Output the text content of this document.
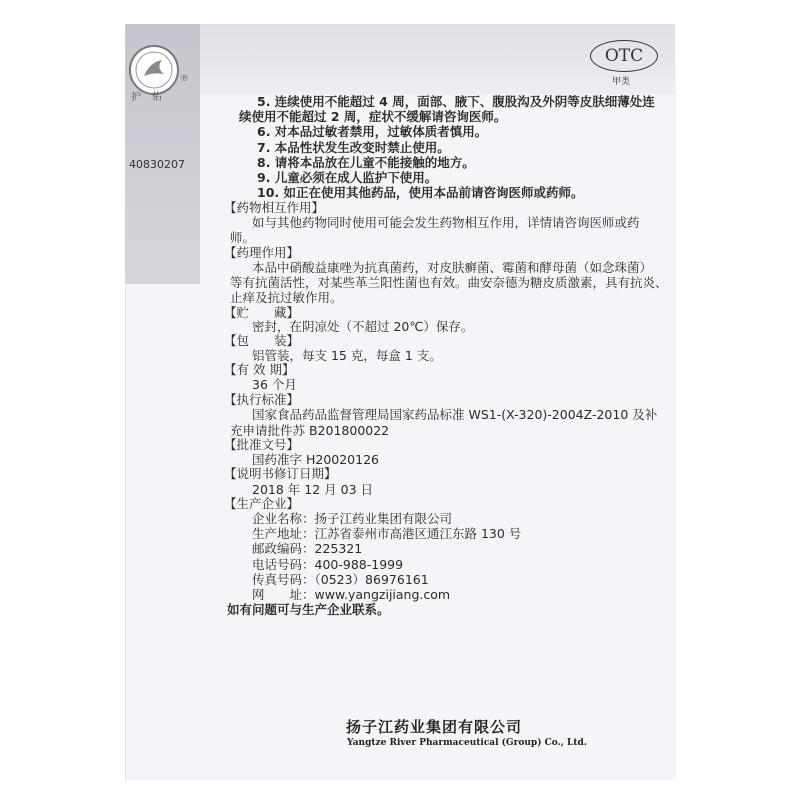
®
护佑
40830207
OTC
甲类
5. 连续使用不能超过 4 周，面部、腋下、腹股沟及外阴等皮肤细薄处连
续使用不能超过 2 周，症状不缓解请咨询医师。
6. 对本品过敏者禁用，过敏体质者慎用。
7. 本品性状发生改变时禁止使用。
8. 请将本品放在儿童不能接触的地方。
9. 儿童必须在成人监护下使用。
10. 如正在使用其他药品，使用本品前请咨询医师或药师。
【药物相互作用】
如与其他药物同时使用可能会发生药物相互作用，详情请咨询医师或药
师。
【药理作用】
本品中硝酸益康唑为抗真菌药，对皮肤癣菌、霉菌和酵母菌（如念珠菌）
等有抗菌活性，对某些革兰阳性菌也有效。曲安奈德为糖皮质激素，具有抗炎、
止痒及抗过敏作用。
【贮　　藏】
密封，在阴凉处（不超过 20℃）保存。
【包　　装】
铝管装，每支 15 克，每盒 1 支。
【有 效 期】
36 个月
【执行标准】
国家食品药品监督管理局国家药品标准 WS1-(X-320)-2004Z-2010 及补
充申请批件苏 B201800022
【批准文号】
国药准字 H20020126
【说明书修订日期】
2018 年 12 月 03 日
【生产企业】
企业名称：扬子江药业集团有限公司
生产地址：江苏省泰州市高港区通江东路 130 号
邮政编码：225321
电话号码：400-988-1999
传真号码：（0523）86976161
网　　址：www.yangzijiang.com
如有问题可与生产企业联系。
扬子江药业集团有限公司
Yangtze River Pharmaceutical (Group) Co., Ltd.
